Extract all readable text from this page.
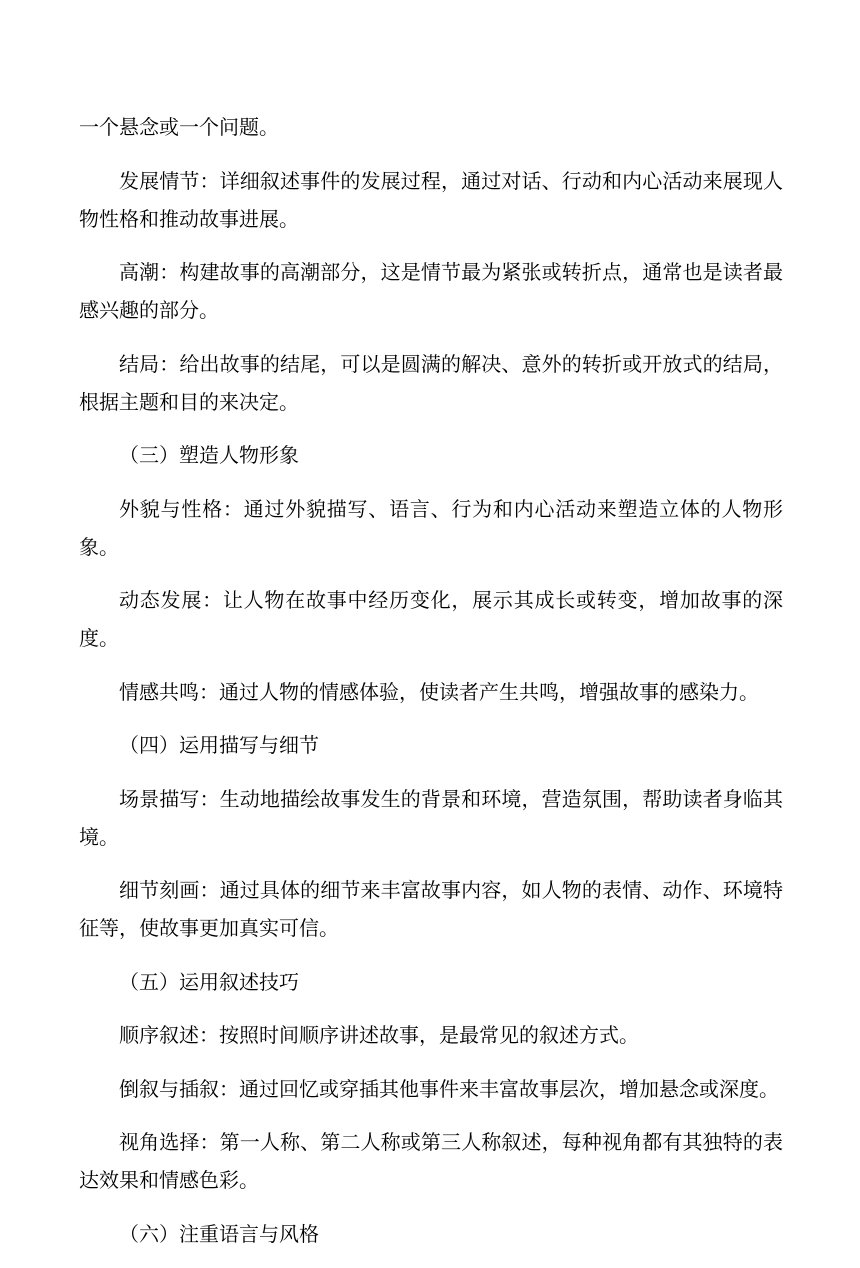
一个悬念或一个问题。

发展情节：详细叙述事件的发展过程，通过对话、行动和内心活动来展现人物性格和推动故事进展。

高潮：构建故事的高潮部分，这是情节最为紧张或转折点，通常也是读者最感兴趣的部分。

结局：给出故事的结尾，可以是圆满的解决、意外的转折或开放式的结局，根据主题和目的来决定。

（三）塑造人物形象

外貌与性格：通过外貌描写、语言、行为和内心活动来塑造立体的人物形象。

动态发展：让人物在故事中经历变化，展示其成长或转变，增加故事的深度。

情感共鸣：通过人物的情感体验，使读者产生共鸣，增强故事的感染力。

（四）运用描写与细节

场景描写：生动地描绘故事发生的背景和环境，营造氛围，帮助读者身临其境。

细节刻画：通过具体的细节来丰富故事内容，如人物的表情、动作、环境特征等，使故事更加真实可信。

（五）运用叙述技巧

顺序叙述：按照时间顺序讲述故事，是最常见的叙述方式。

倒叙与插叙：通过回忆或穿插其他事件来丰富故事层次，增加悬念或深度。

视角选择：第一人称、第二人称或第三人称叙述，每种视角都有其独特的表达效果和情感色彩。

（六）注重语言与风格
